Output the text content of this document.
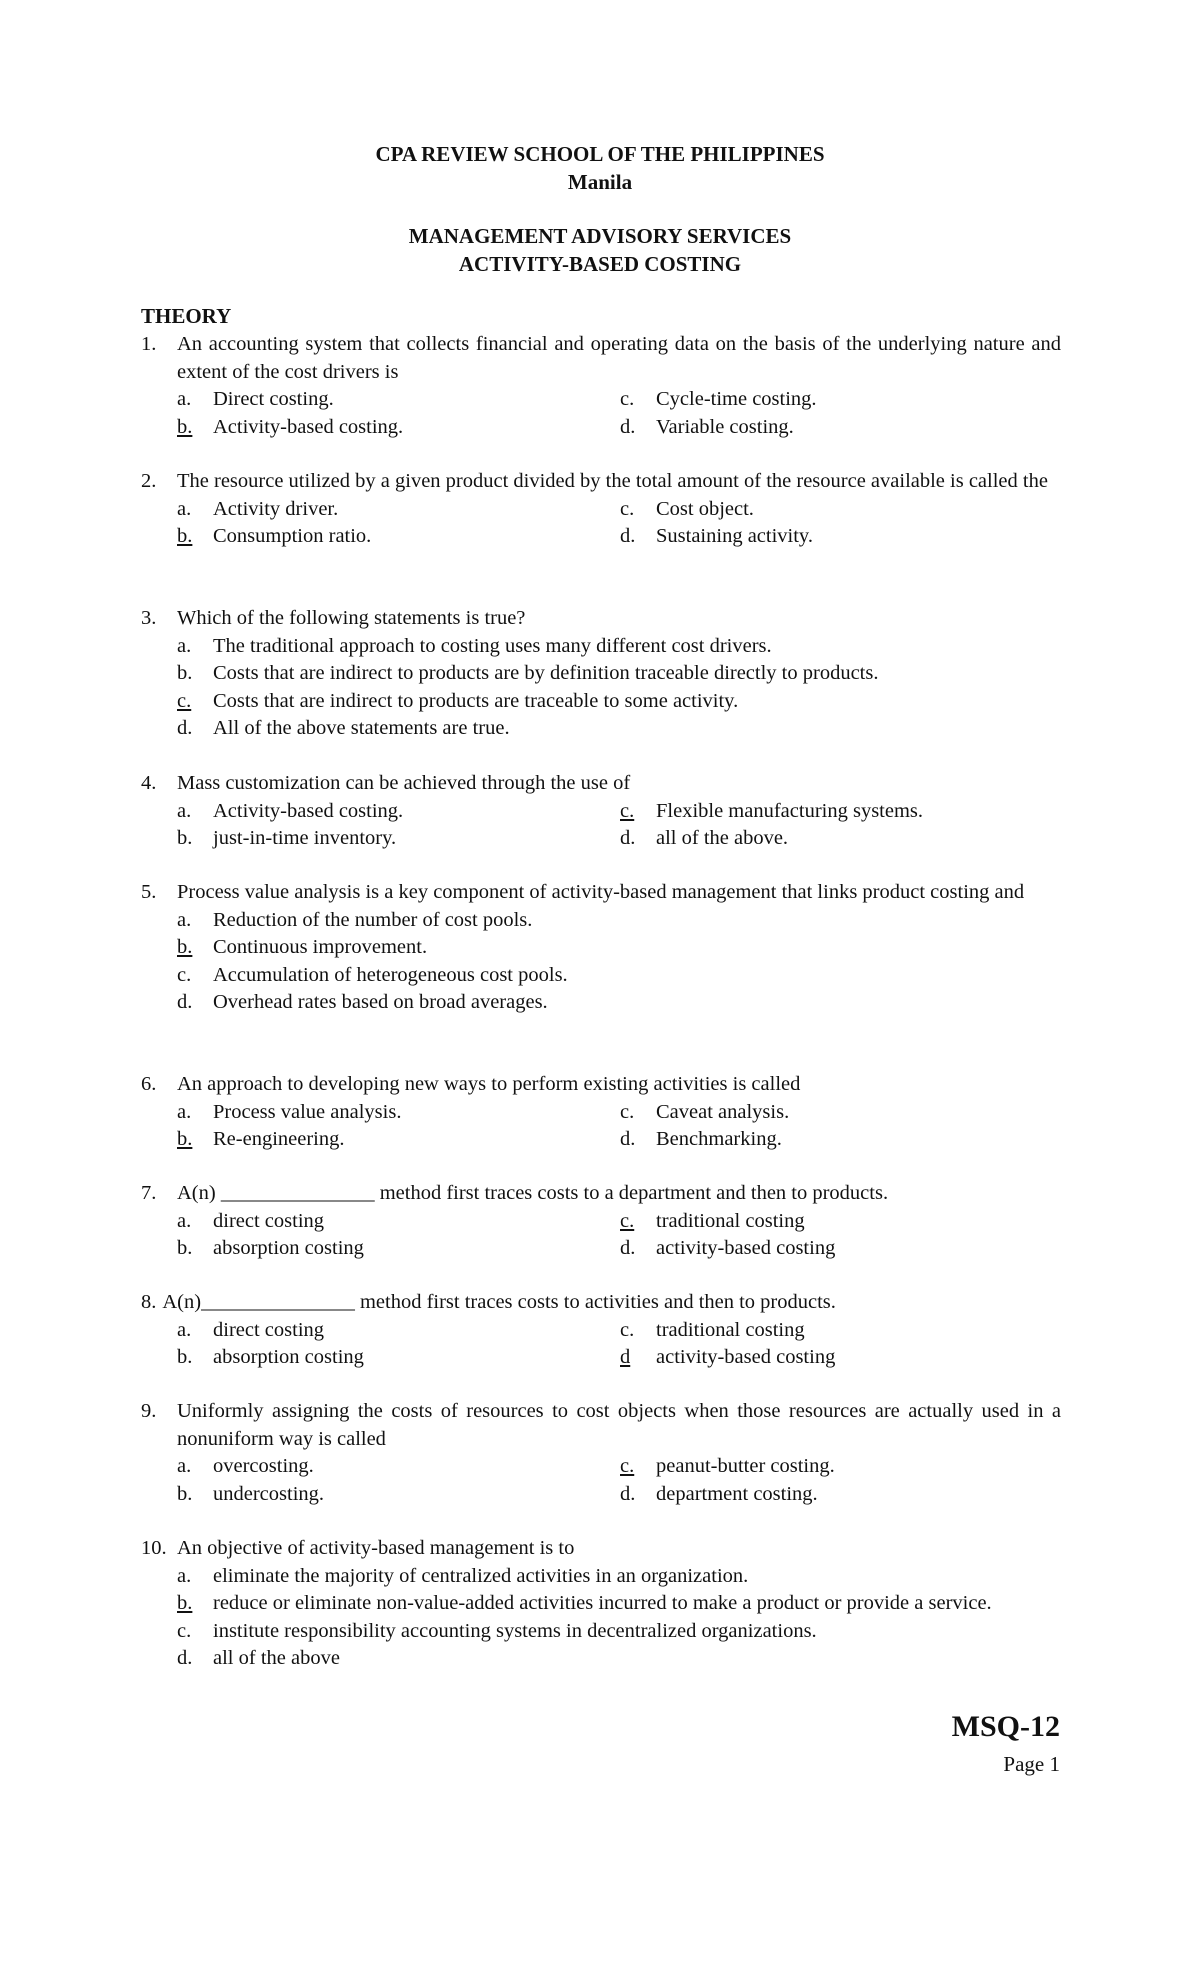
CPA REVIEW SCHOOL OF THE PHILIPPINES

Manila

MANAGEMENT ADVISORY SERVICES

ACTIVITY-BASED COSTING

THEORY

1.	An accounting system that collects financial and operating data on the basis of the underlying nature and extent of the cost drivers is
a.	Direct costing.	c.	Cycle-time costing.
b.	Activity-based costing.	d.	Variable costing.
2.	The resource utilized by a given product divided by the total amount of the resource available is called the
a.	Activity driver.	c.	Cost object.
b.	Consumption ratio.	d.	Sustaining activity.
3.	Which of the following statements is true?
a.	The traditional approach to costing uses many different cost drivers.
b.	Costs that are indirect to products are by definition traceable directly to products.
c.	Costs that are indirect to products are traceable to some activity.
d.	All of the above statements are true.
4.	Mass customization can be achieved through the use of
a.	Activity-based costing.	c.	Flexible manufacturing systems.
b.	just-in-time inventory.	d.	all of the above.
5.	Process value analysis is a key component of activity-based management that links product costing and
a.	Reduction of the number of cost pools.
b.	Continuous improvement.
c.	Accumulation of heterogeneous cost pools.
d.	Overhead rates based on broad averages.
6.	An approach to developing new ways to perform existing activities is called
a.	Process value analysis.	c.	Caveat analysis.
b.	Re-engineering.	d.	Benchmarking.
7.	A(n) _______________ method first traces costs to a department and then to products.
a.	direct costing	c.	traditional costing
b.	absorption costing	d.	activity-based costing
8. A(n)_______________ method first traces costs to activities and then to products.
a.	direct costing	c.	traditional costing
b.	absorption costing	d	activity-based costing
9.	Uniformly assigning the costs of resources to cost objects when those resources are actually used in a nonuniform way is called
a.	overcosting.	c.	peanut-butter costing.
b.	undercosting.	d.	department costing.
10. An objective of activity-based management is to
a.	eliminate the majority of centralized activities in an organization.
b.	reduce or eliminate non-value-added activities incurred to make a product or provide a service.
c.	institute responsibility accounting systems in decentralized organizations.
d.	all of the above

MSQ-12

Page 1
